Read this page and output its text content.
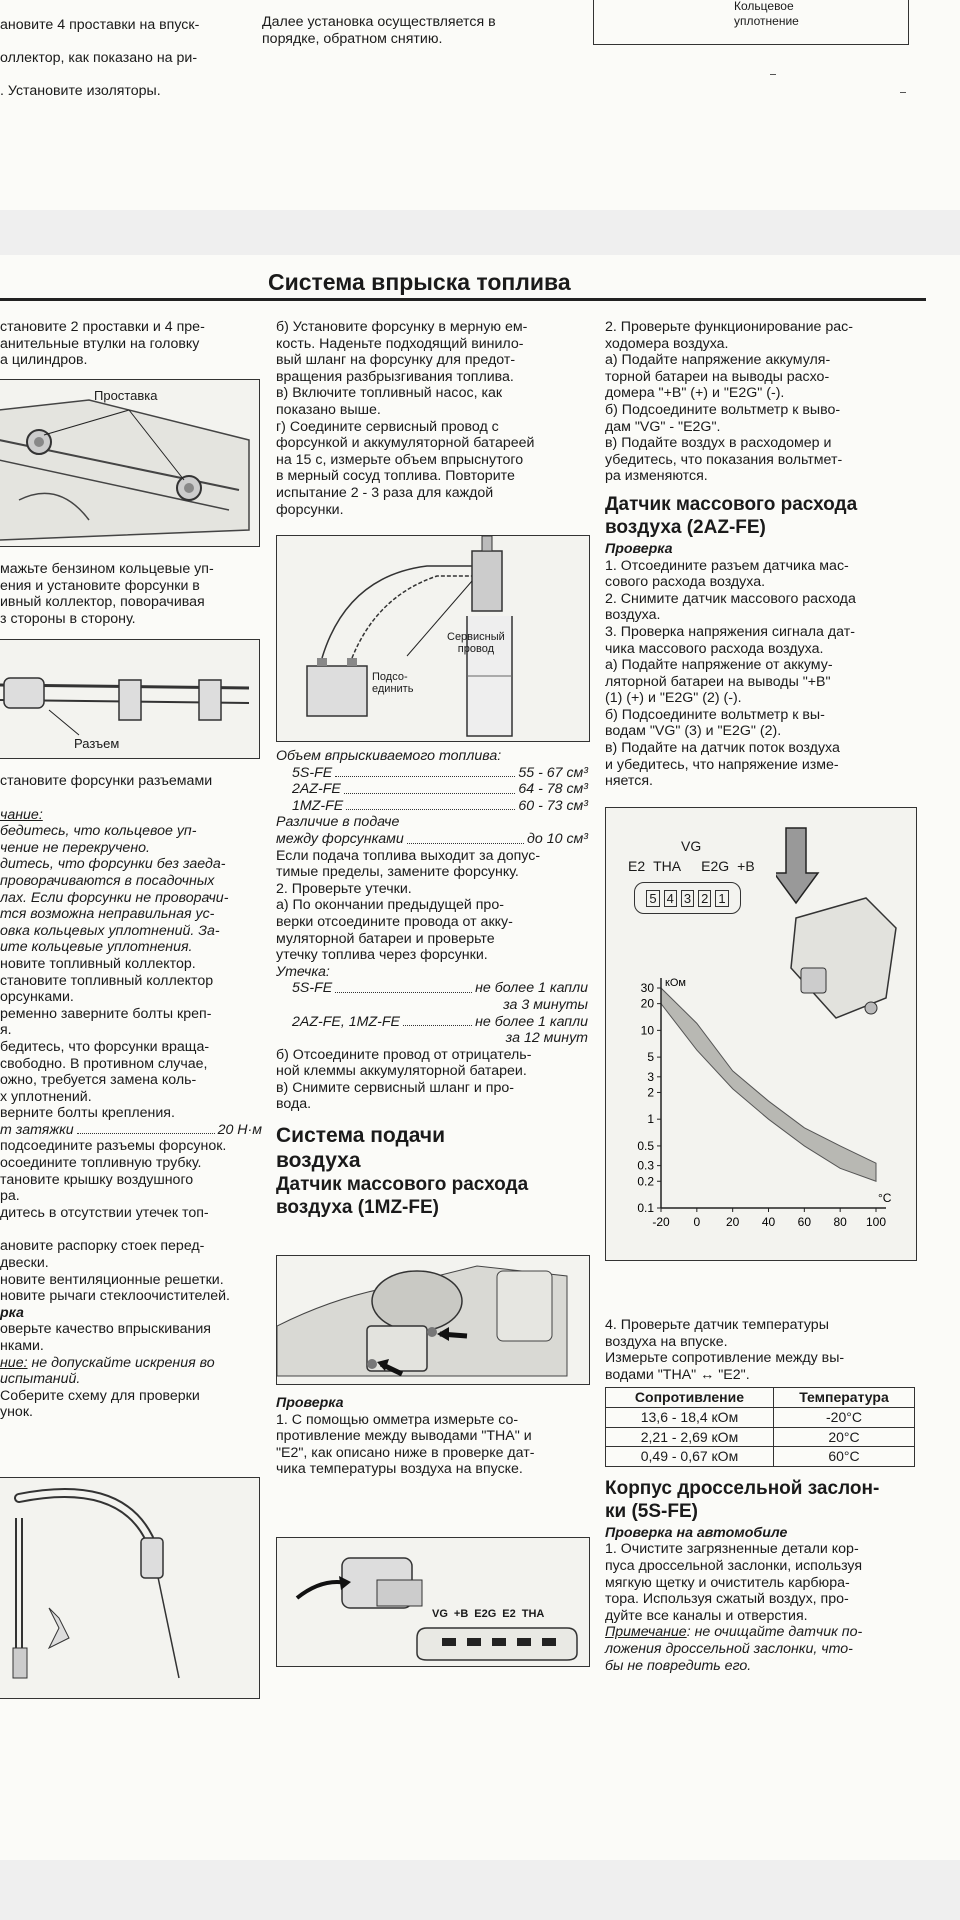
ановите 4 проставки на впуск-

оллектор, как показано на ри-

. Установите изоляторы.

Далее установка осуществляется в
порядке, обратном снятию.
Кольцевое
уплотнение
Система впрыска топлива

становите 2 проставки и 4 пре-
анительные втулки на головку
а цилиндров.

Проставка

мажьте бензином кольцевые уп-
ения и установите форсунки в
ивный коллектор, поворачивая
з стороны в сторону.

Разъем

становите форсунки разъемами

чание:

бедитесь, что кольцевое уп-
чение не перекручено.
дитесь, что форсунки без заеда-
проворачиваются в посадочных
лах. Если форсунки не проворачи-
тся возможна неправильная ус-
овка кольцевых уплотнений. За-
ите кольцевые уплотнения.

новите топливный коллектор.
становите топливный коллектор
орсунками.
ременно заверните болты креп-
я.
бедитесь, что форсунки враща-
свободно. В противном случае,
ожно, требуется замена коль-
х уплотнений.
верните болты крепления.

т затяжки	20 Н·м

подсоедините разъемы форсунок.
осоедините топливную трубку.
тановите крышку воздушного
ра.
дитесь в отсутствии утечек топ-

ановите распорку стоек перед-
двески.
новите вентиляционные решетки.
новите рычаги стеклоочистителей.

рка

оверьте качество впрыскивания
нками.

ние: не допускайте искрения во
испытаний.

Соберите схему для проверки
унок.

б) Установите форсунку в мерную ем-
кость. Наденьте подходящий винило-
вый шланг на форсунку для предот-
вращения разбрызгивания топлива.
в) Включите топливный насос, как
показано выше.
г) Соедините сервисный провод с
форсункой и аккумуляторной батареей
на 15 с, измерьте объем впрыснутого
в мерный сосуд топлива. Повторите
испытание 2 - 3 раза для каждой
форсунки.

Сервисный
провод
Подсо-
единить

Объем впрыскиваемого топлива:

5S-FE	55 - 67 см³
2AZ-FE	64 - 78 см³
1MZ-FE	60 - 73 см³

Различие в подаче

между форсунками	до 10 см³

Если подача топлива выходит за допус-
тимые пределы, замените форсунку.
2. Проверьте утечки.
а) По окончании предыдущей про-
верки отсоедините провода от акку-
муляторной батареи и проверьте
утечку топлива через форсунки.

Утечка:

5S-FE	не более 1 капли
за 3 минуты
2AZ-FE, 1MZ-FE	не более 1 капли
за 12 минут

б) Отсоедините провод от отрицатель-
ной клеммы аккумуляторной батареи.
в) Снимите сервисный шланг и про-
вода.

Система подачи
воздуха
Датчик массового расхода
воздуха (1MZ-FE)

Проверка

1. С помощью омметра измерьте со-
противление между выводами "THA" и
"E2", как описано ниже в проверке дат-
чика температуры воздуха на впуске.

VG +B E2G E2 THA

2. Проверьте функционирование рас-
ходомера воздуха.
а) Подайте напряжение аккумуля-
торной батареи на выводы расхо-
домера "+B" (+) и "E2G" (-).
б) Подсоедините вольтметр к выво-
дам "VG" - "E2G".
в) Подайте воздух в расходомер и
убедитесь, что показания вольтмет-
ра изменяются.

Датчик массового расхода
воздуха (2AZ-FE)

Проверка

1. Отсоедините разъем датчика мас-
сового расхода воздуха.
2. Снимите датчик массового расхода
воздуха.
3. Проверка напряжения сигнала дат-
чика массового расхода воздуха.
а) Подайте напряжение от аккуму-
ляторной батареи на выводы "+B"
(1) (+) и "E2G" (2) (-).
б) Подсоедините вольтметр к вы-
водам "VG" (3) и "E2G" (2).
в) Подайте на датчик поток воздуха
и убедитесь, что напряжение изме-
няется.

VG
E2 THA E2G +B
5 4 3 2 1
0.1
0.2
0.3
0.5
1
2
3
5
10
20
30
-20 0 20 40 60 80 100
кОм
°C

4. Проверьте датчик температуры
воздуха на впуске.
Измерьте сопротивление между вы-
водами "THA" ↔ "E2".

Сопротивление	Температура
13,6 - 18,4 кОм	-20°C
2,21 - 2,69 кОм	20°C
0,49 - 0,67 кОм	60°C
Корпус дроссельной заслон-
ки (5S-FE)

Проверка на автомобиле

1. Очистите загрязненные детали кор-
пуса дроссельной заслонки, используя
мягкую щетку и очиститель карбюра-
тора. Используя сжатый воздух, про-
дуйте все каналы и отверстия.

Примечание: не очищайте датчик по-
ложения дроссельной заслонки, что-
бы не повредить его.
